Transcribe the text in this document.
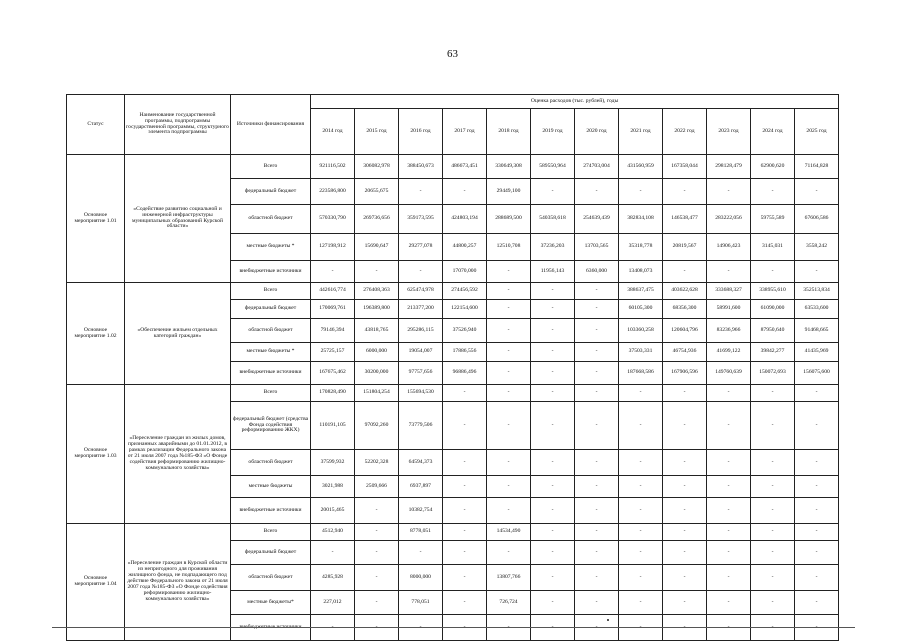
63
Статус	Наименование государственной программы, подпрограммы государственной программы, структурного элемента подпрограммы	Источники финансирования	Оценка расходов (тыс. рублей), годы											
			2014 год	2015 год	2016 год	2017 год	2018 год	2019 год	2020 год	2021 год	2022 год	2023 год	2024 год	2025 год
Основное мероприятие 1.01	«Содействие развитию социальной и инженерной инфраструктуры муниципальных образований Курской области»	Всего	921116,502	306082,978	388450,673	486673,451	330649,308	589550,964	274703,004	431560,959	167358,044	298128,479	62900,620	71164,828
		федеральный бюджет	223586,800	20655,675	-	-	29449,100	-	-	-	-	-	-	-
		областной бюджет	570330,790	269736,656	359173,595	424803,194	288689,500	540358,618	254639,439	382834,108	146538,477	283222,056	59755,589	67606,586
		местные бюджеты *	127198,912	15690,647	29277,078	44800,257	12510,708	37236,203	13703,565	35318,778	20819,567	14906,423	3145,031	3558,242
		внебюджетные источники	-	-	-	17070,000	-	11956,143	6360,000	13408,073	-	-	-	-
Основное мероприятие 1.02	«Обеспечение жильем отдельных категорий граждан»	Всего	442616,774	276408,363	625474,978	274456,592	-	-	-	388637,475	403622,628	333688,327	338955,610	352513,834
		федеральный бюджет	170069,761	196389,800	213377,200	122154,600	-	-	-	60105,300	68356,300	58991,600	61090,000	63533,600
		областной бюджет	79146,394	43818,765	295286,115	37526,940	-	-	-	103360,258	120604,796	83236,966	87950,640	91468,665
		местные бюджеты *	25725,157	6000,000	19054,007	17886,556	-	-	-	37503,331	46754,936	41699,122	39842,277	41435,969
		внебюджетные источники	167675,462	30200,000	97757,656	96886,496	-	-	-	187668,586	167906,596	149760,639	150072,693	156075,600
Основное мероприятие 1.03	«Переселение граждан из жилых домов, признанных аварийными до 01.01.2012, в рамках реализации Федерального закона от 21 июля 2007 года №185-ФЗ «О Фонде содействия реформированию жилищно-коммунального хозяйства»	Всего	170828,490	151804,254	155694,530	-	-	-	-	-	-	-	-	-
		федеральный бюджет (средства Фонда содействия реформированию ЖКХ)	110191,105	97092,260	73779,506	-	-	-	-	-	-	-	-	-
		областной бюджет	37599,932	52202,328	64594,373	-	-	-	-	-	-	-	-	-
		местные бюджеты	3021,988	2509,666	6937,897	-	-	-	-	-	-	-	-	-
		внебюджетные источники	20015,465	-	10382,754	-	-	-	-	-	-	-	-	-
Основное мероприятие 1.04	«Переселение граждан в Курской области из непригодного для проживания жилищного фонда, не подпадающего под действие Федерального закона от 21 июля 2007 года №185-ФЗ «О Фонде содействия реформированию жилищно-коммунального хозяйства»	Всего	4512,940	-	8778,051	-	14534,490	-	-	-	-	-	-	-
		федеральный бюджет	-	-	-	-	-	-	-	-	-	-	-	-
		областной бюджет	4285,928	-	8000,000	-	13807,766	-	-	-	-	-	-	-
		местные бюджеты*	227,012	-	778,051	-	726,724	-	-	-	-	-	-	-
		внебюджетные источники	-	-	-	-	-	-	-	-	-	-	-	-
